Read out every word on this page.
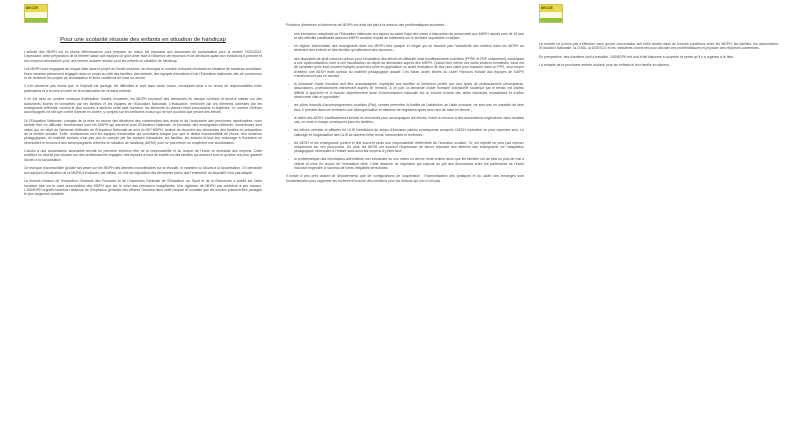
BIKOZE
Pour une scolarité réussie des enfants en situation de handicap

L'activité des MDPH est en pleine effervescence pour préparer au mieux les réponses aux demandes de scolarisation pour la rentrée 2022/2023. Cependant, cette préparation de la rentrée laisse aux équipes un goût amer face à l'absence de réponses et de décisions quant aux évolutions à prendre et aux moyens nécessaires pour une rentrée scolaire réussie pour les enfants en situation de handicap.

Les MDPH sont engagées de longue date dans le projet de l'école inclusive, en témoigne le nombre croissant d'enfants en situation de handicap scolarisés. Nous sommes pleinement engagés dans ce projet au côté des familles, des enfants, des équipes éducatives et de l'Education Nationale, afin de promouvoir et de renforcer les projets de scolarisation et leurs conditions de mise en œuvre.

Il n'en demeure pas moins que, si l'objectif est partagé, les difficultés le sont sans doute moins, conduisant ainsi à un renvoi de responsabilités entre partenaires et à la mise en péril de la scolarisation de certains enfants.

Il en est ainsi du nombre croissant d'attribution d'aides humaines, les MDPH reçoivent des demandes en hausse continue et doivent statuer sur des documents fournis et complétés par les familles et les équipes de l'Education Nationale. L'évaluation, renforcée par les éléments adressés par les enseignants référents, conduit le plus souvent à attribuer cette aide humaine, les éléments du dossier étant concordants et légitimes. Le nombre d'élèves accompagnés ne fait que croître d'année en année, y compris sur les territoires ruraux qui ne font pourtant que perdre des élèves.

Or l'Education Nationale, chargée de la mise en œuvre des décisions des commissions des droits et de l'autonomie des personnes handicapées, nous semble être en difficulté. Nombreuses sont les MDPH qui assurent pour l'Education Nationale, la formation des enseignants référents, nombreuses sont celles qui, en dépit de l'absence d'effectifs de l'Education Nationale au sein du GIP MDPH, tentent de répondre aux demandes des familles en préparation de la rentrée scolaire. Enfin, nombreuses sont les équipes d'évaluation qui constatent chaque jour que le défaut d'accessibilité de l'école, des contenus pédagogiques, du matériel scolaire n'est pas pris en compte par les équipes éducatives, les familles, les enfants et tout leur entourage à l'inclusion ne nécessitent le recours à des accompagnants d'élèves en situation de handicap (AESH) pour ne pas freiner ou empêcher une scolarisation.

L'accès à une scolarisation accessible devrait en première intention être de la responsabilité et du ressort de l'école et nécessite des moyens. Cette ambition ne devrait pas reposer sur des professionnels engagés, des équipes à bout de souffle ou des familles qui donnent tout ce qu'elles ont pour garantir l'accès à la scolarisation.

Ce manque d'accessibilité globale fait peser sur les MDPH des attentes considérables sur la réussite, le maintien ou l'accès à la scolarisation. On demande aux équipes d'évaluation de la MDPH d'endosser, par défaut, un rôle de régulateur des demandes parce que l'ensemble du dispositif n'est pas adapté.

La récente mission de l'Inspection Générale des Finances et de l'Inspection Générale de l'Education, du Sport et de la Recherche a pointé sur l'aide humaine tant sur le volet prescriptions des MDPH que sur le volet des prévisions budgétaires. Une vigilance de MDPH par contribué à ces travaux. L'ADMDPH regrette toutefois l'absence de l'Inspection générale des Affaires Sociales dans cette mission et souhaite que les travaux puissent être partagés le plus largement possible.

Plusieurs directrices et directeurs de MDPH ont ainsi fait part à la mission des problématiques suivantes :

- une exemption unilatérale de l'Education Nationale du respect du cadre légal des mises à disposition de personnels aux MDPH depuis près de 15 ans et des effectifs insuffisants dans les MDPH rendant l'équité de traitement sur le territoire impossible à réaliser ;
- un régime indemnitaire des enseignants dans les MDPH très opaque et inégal qui ne favorise pas l'attractivité des métiers dans les MDPH au détriment des enfants et des familles qui attendent des réponses ;
- des dispositifs de droit commun prévus pour l'évaluation des élèves en difficulté mais insuffisamment mobilisés (PPRE et PAP notamment) conduisant à une systématisation voire à une banalisation du dépôt de demandes auprès des MDPH. Quand bien même ces outils seraient formalisés, force est de constater qu'ils sont souvent balayés avant leur mise en application ou avant évaluation de leur plus-value pour basculer dans un PPS, seul moyen d'obtenir une AESH mais surtout du matériel pédagogique adapté. Les futurs accès limités du Livret Parcours inclusif aux équipes de MDPH n'amélioreront pas ce constat ;
- la demande d'aide humaine doit être accompagnée, expliquée aux familles et fortement portée par tous types de professionnels (enseignants, associations, professionnels intervenant auprès de l'enfant). À ce jour, la demande d'aide humaine individuelle soutenue par le terrain est parfois difficile à apprécier et à évaluer objectivement faute d'harmonisation nationale sur le volume horaire des aides humaines mutualisées et d'arbre décisionnel clair et opposable ;
- les pôles inclusifs d'accompagnement localisés (Pial), censés permettre la fluidité de l'attribution de l'aide humaine, ne sont pas en capacité de faire face. Il persiste dans les territoires une désorganisation et absence de régulation après deux ans de mise en œuvre ;
- le statut des AESH, insuffisamment formés et rémunérés pour accompagner les élèves, induit un recours à des associations engendrant, dans certains cas, un reste à charge conséquent pour les familles ;
- les élèves orientés et affectés en ULIS bénéficient de temps d'inclusion parfois conséquents auxquels l'AESH mutualisé ne peut répondre seul. Le calibrage et l'organisation des ULIS se doivent d'être revus, harmonisés et renforcés ;
- les AESH et les enseignants portent in fine souvent seuls une responsabilité d'effectivité de l'inclusion scolaire. Or, cet objectif ne peut pas reposer uniquement sur ces personnels. De plus, les AESH ont souvent l'impression de devoir répondre aux attentes des enseignants sur l'adaptation pédagogique nécessaire à l'enfant sans avoir les moyens d'y faire face ;
- la problématique des orientations alternatives non existantes ou non mises en œuvre reste entière alors que les familles ont de plus en plus de mal à obtenir la mise en œuvre de l'orientation cible. Cette absence de régulation qui s'ajoute au gré des discussions entre les partenaires de l'école inclusive engendre à nouveau de fortes inégalités territoriales.

Il existe à peu près autant de départements que de configurations de coopération : l'harmonisation des pratiques et du cadre des échanges sont fondamentales pour organiser les rentrées et trouver des solutions pour les enfants qui n'en n'ont pas.

BIKOZE

La rentrée ne pourra pas s'effectuer sans qu'une concertation soit enfin lancée dans de bonnes conditions entre les MDPH, les familles, les associations, l'Education Nationale, la CNSA, la DGESCO et les ministères concernés pour aborder ces problématiques et proposer des réponses cohérentes.

En perspective, des chantiers sont à travailler, l'ADMDPH est tout à fait disposée à coopérer et pense qu'il y a urgence à le faire.

La réussite de la prochaine rentrée scolaire pour les enfants et leur famille en dépend.
